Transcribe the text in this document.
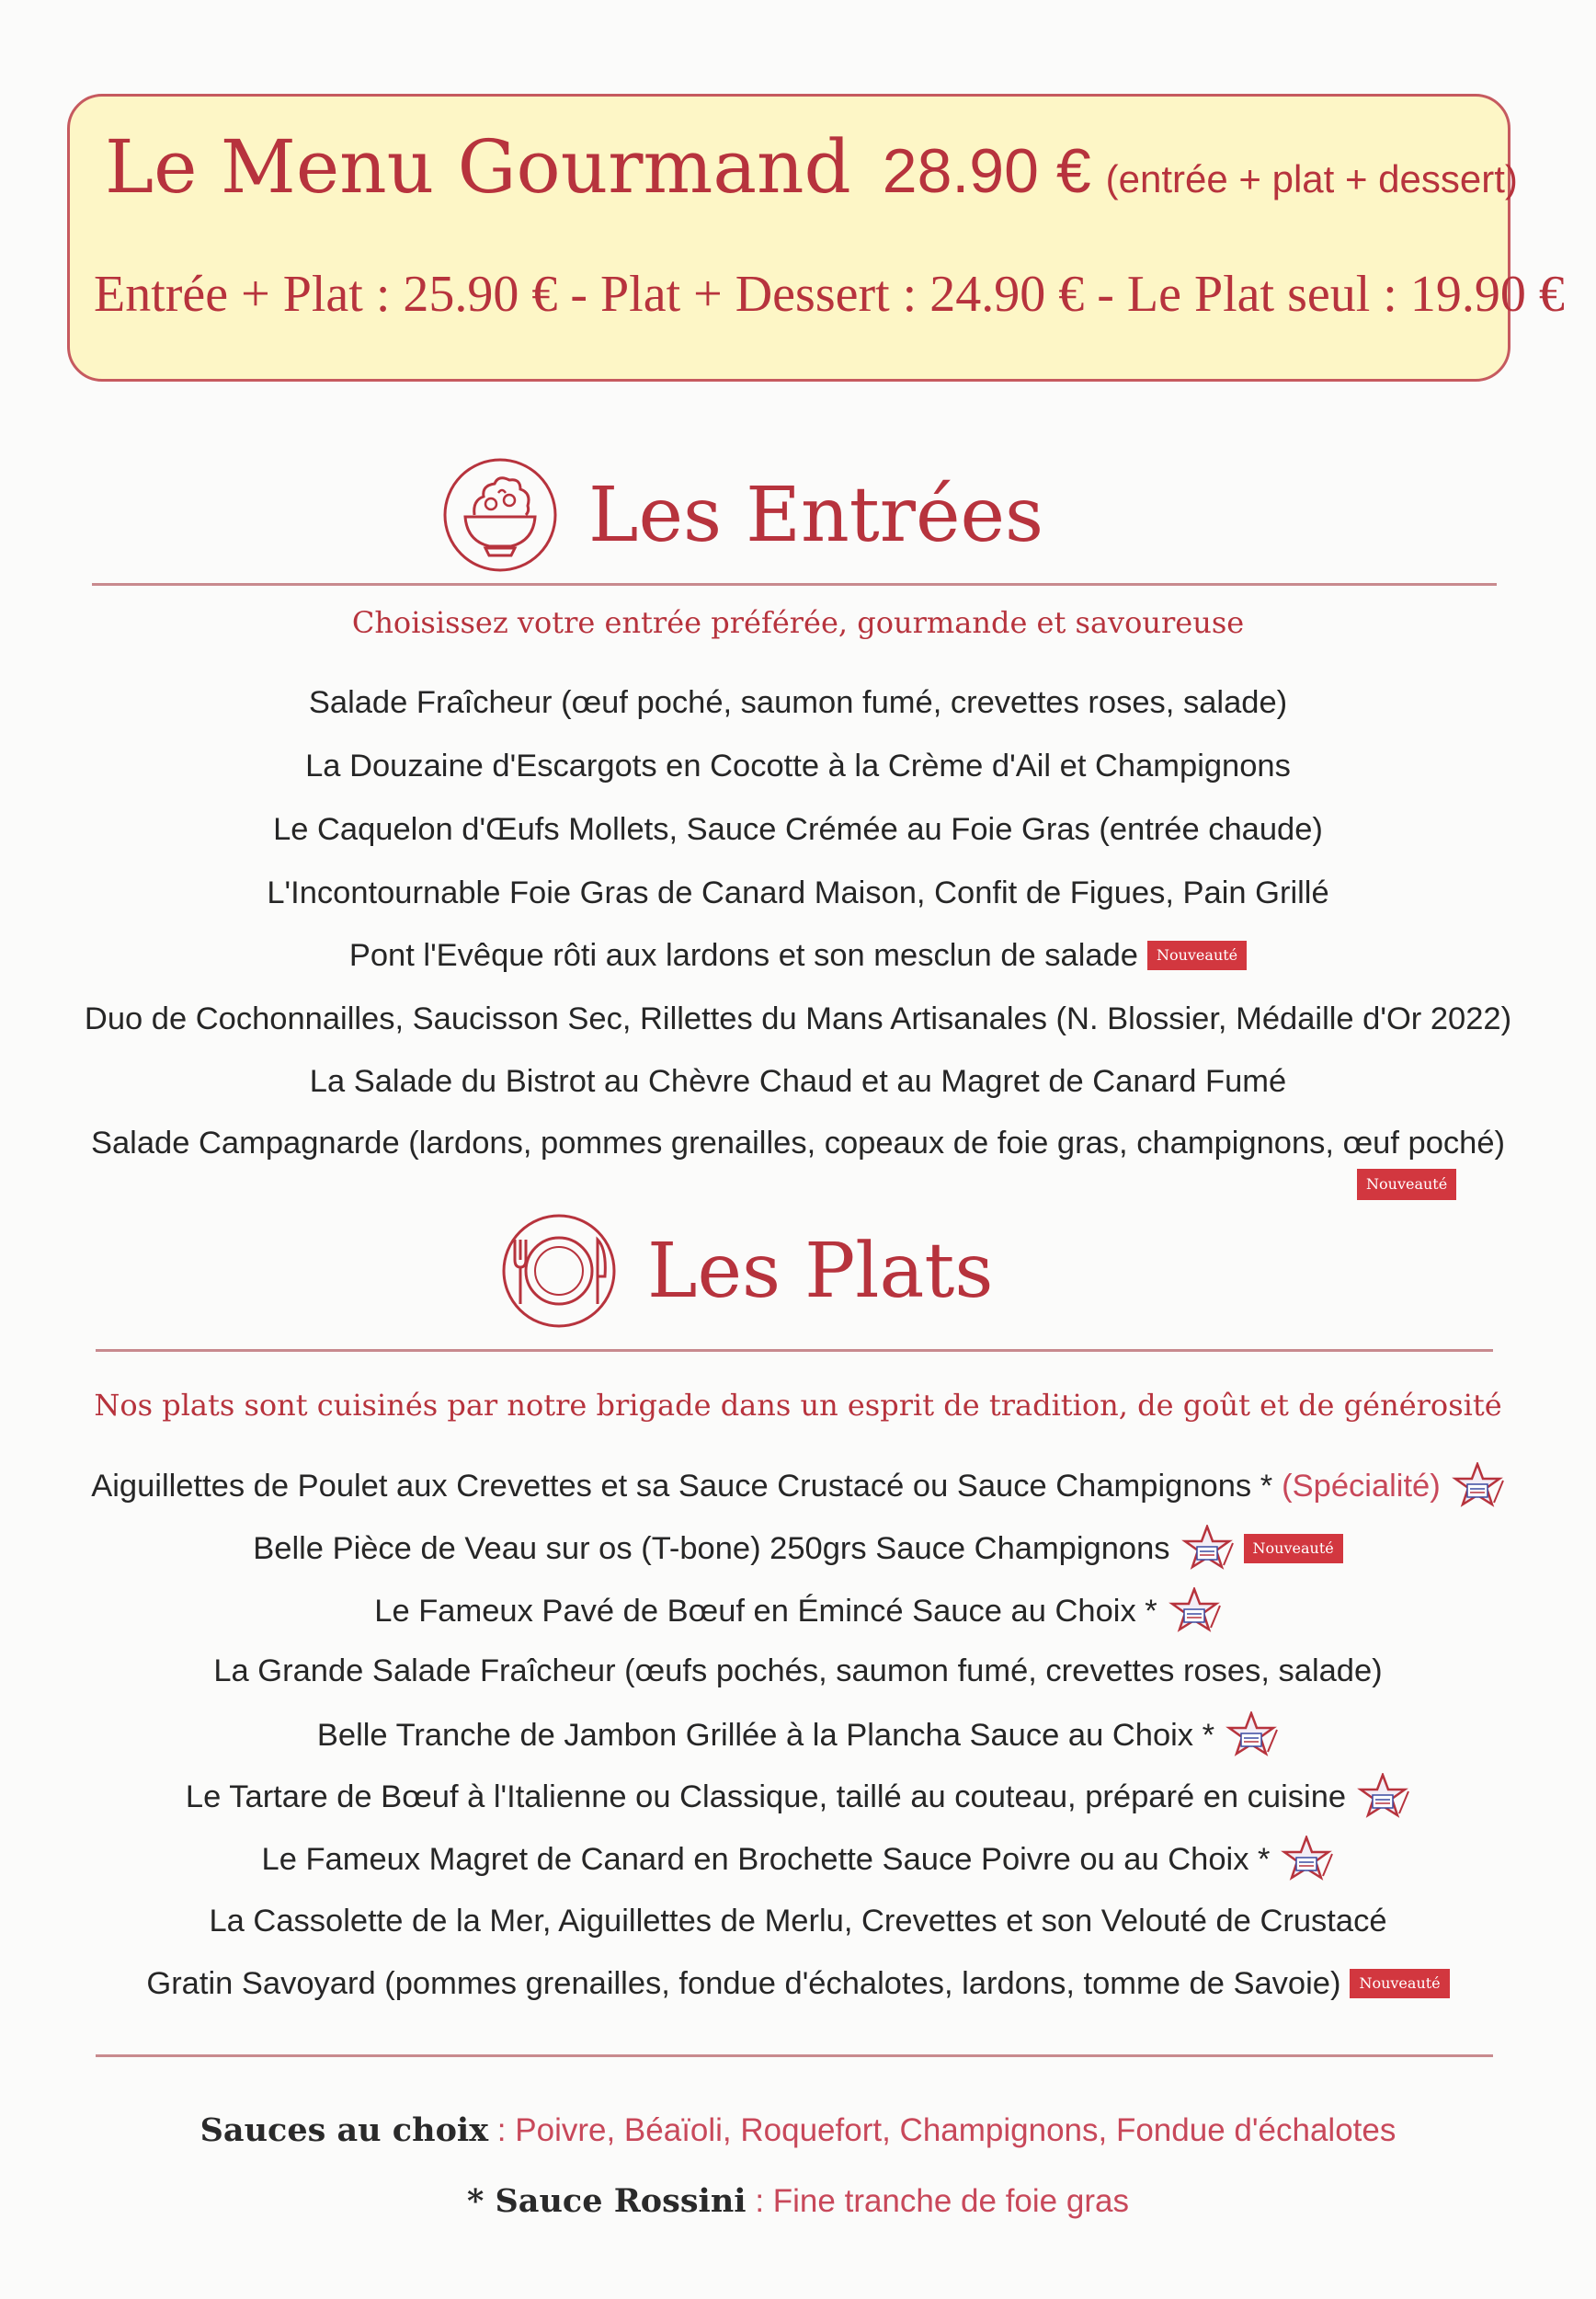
Le Menu Gourmand 28.90 € (entrée + plat + dessert)
Entrée + Plat : 25.90 € - Plat + Dessert : 24.90 € - Le Plat seul : 19.90 €
Les Entrées
Choisissez votre entrée préférée, gourmande et savoureuse
Salade Fraîcheur (œuf poché, saumon fumé, crevettes roses, salade)
La Douzaine d'Escargots en Cocotte à la Crème d'Ail et Champignons
Le Caquelon d'Œufs Mollets, Sauce Crémée au Foie Gras (entrée chaude)
L'Incontournable Foie Gras de Canard Maison, Confit de Figues, Pain Grillé
Pont l'Evêque rôti aux lardons et son mesclun de salade	Nouveauté
Duo de Cochonnailles, Saucisson Sec, Rillettes du Mans Artisanales (N. Blossier, Médaille d'Or 2022)
La Salade du Bistrot au Chèvre Chaud et au Magret de Canard Fumé
Salade Campagnarde (lardons, pommes grenailles, copeaux de foie gras, champignons, œuf poché)
Nouveauté
Les Plats
Nos plats sont cuisinés par notre brigade dans un esprit de tradition, de goût et de générosité
Aiguillettes de Poulet aux Crevettes et sa Sauce Crustacé ou Sauce Champignons * (Spécialité)
Belle Pièce de Veau sur os (T-bone) 250grs Sauce Champignons	Nouveauté
Le Fameux Pavé de Bœuf en Émincé Sauce au Choix *
La Grande Salade Fraîcheur (œufs pochés, saumon fumé, crevettes roses, salade)
Belle Tranche de Jambon Grillée à la Plancha Sauce au Choix *
Le Tartare de Bœuf à l'Italienne ou Classique, taillé au couteau, préparé en cuisine
Le Fameux Magret de Canard en Brochette Sauce Poivre ou au Choix *
La Cassolette de la Mer, Aiguillettes de Merlu, Crevettes et son Velouté de Crustacé
Gratin Savoyard (pommes grenailles, fondue d'échalotes, lardons, tomme de Savoie)	Nouveauté
Sauces au choix : Poivre, Béaïoli, Roquefort, Champignons, Fondue d'échalotes
* Sauce Rossini : Fine tranche de foie gras
